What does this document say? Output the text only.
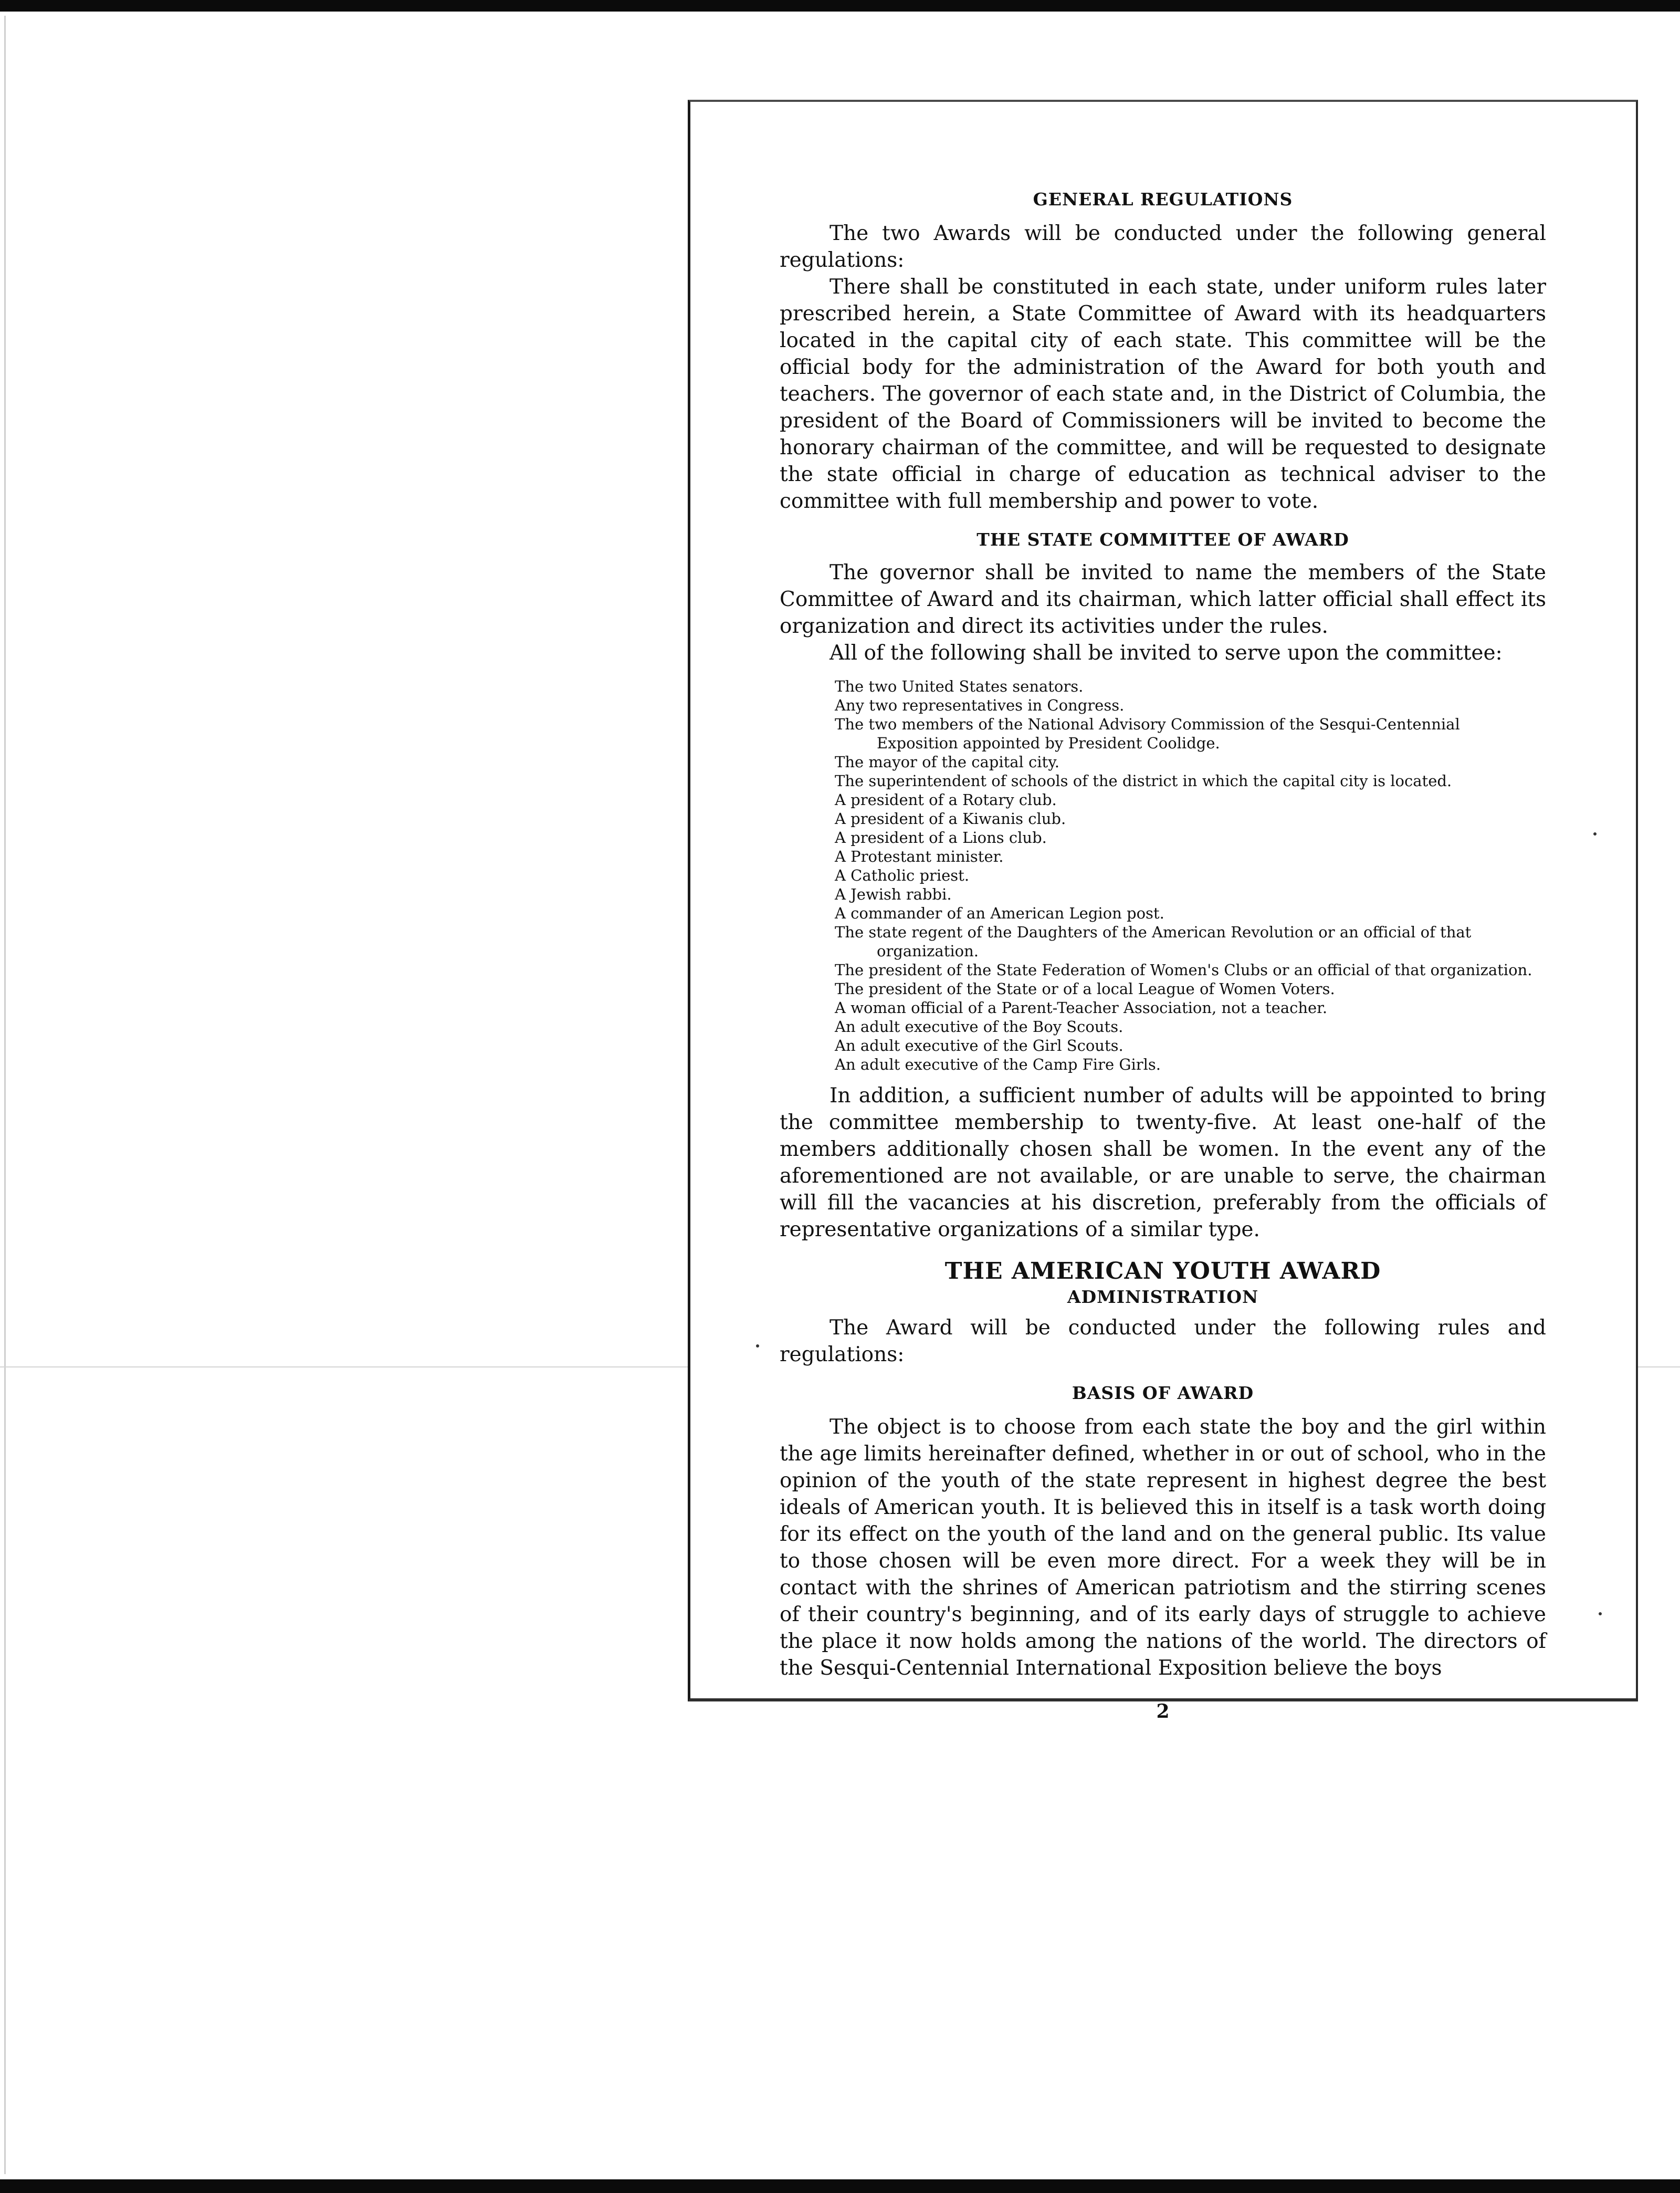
GENERAL REGULATIONS

The two Awards will be conducted under the following general regulations:

There shall be constituted in each state, under uniform rules later prescribed herein, a State Committee of Award with its headquarters located in the capital city of each state. This committee will be the official body for the administration of the Award for both youth and teachers. The governor of each state and, in the District of Columbia, the president of the Board of Commissioners will be invited to become the honorary chairman of the committee, and will be requested to designate the state official in charge of education as technical adviser to the committee with full membership and power to vote.

THE STATE COMMITTEE OF AWARD

The governor shall be invited to name the members of the State Committee of Award and its chairman, which latter official shall effect its organization and direct its activities under the rules.

All of the following shall be invited to serve upon the committee:

The two United States senators.
Any two representatives in Congress.
The two members of the National Advisory Commission of the Sesqui-Centennial Exposition appointed by President Coolidge.
The mayor of the capital city.
The superintendent of schools of the district in which the capital city is located.
A president of a Rotary club.
A president of a Kiwanis club.
A president of a Lions club.
A Protestant minister.
A Catholic priest.
A Jewish rabbi.
A commander of an American Legion post.
The state regent of the Daughters of the American Revolution or an official of that organization.
The president of the State Federation of Women's Clubs or an official of that organization.
The president of the State or of a local League of Women Voters.
A woman official of a Parent-Teacher Association, not a teacher.
An adult executive of the Boy Scouts.
An adult executive of the Girl Scouts.
An adult executive of the Camp Fire Girls.

In addition, a sufficient number of adults will be appointed to bring the committee membership to twenty-five. At least one-half of the members additionally chosen shall be women. In the event any of the aforementioned are not available, or are unable to serve, the chairman will fill the vacancies at his discretion, preferably from the officials of representative organizations of a similar type.

THE AMERICAN YOUTH AWARD
ADMINISTRATION

The Award will be conducted under the following rules and regulations:

BASIS OF AWARD

The object is to choose from each state the boy and the girl within the age limits hereinafter defined, whether in or out of school, who in the opinion of the youth of the state represent in highest degree the best ideals of American youth. It is believed this in itself is a task worth doing for its effect on the youth of the land and on the general public. Its value to those chosen will be even more direct. For a week they will be in contact with the shrines of American patriotism and the stirring scenes of their country's beginning, and of its early days of struggle to achieve the place it now holds among the nations of the world. The directors of the Sesqui-Centennial International Exposition believe the boys

2
